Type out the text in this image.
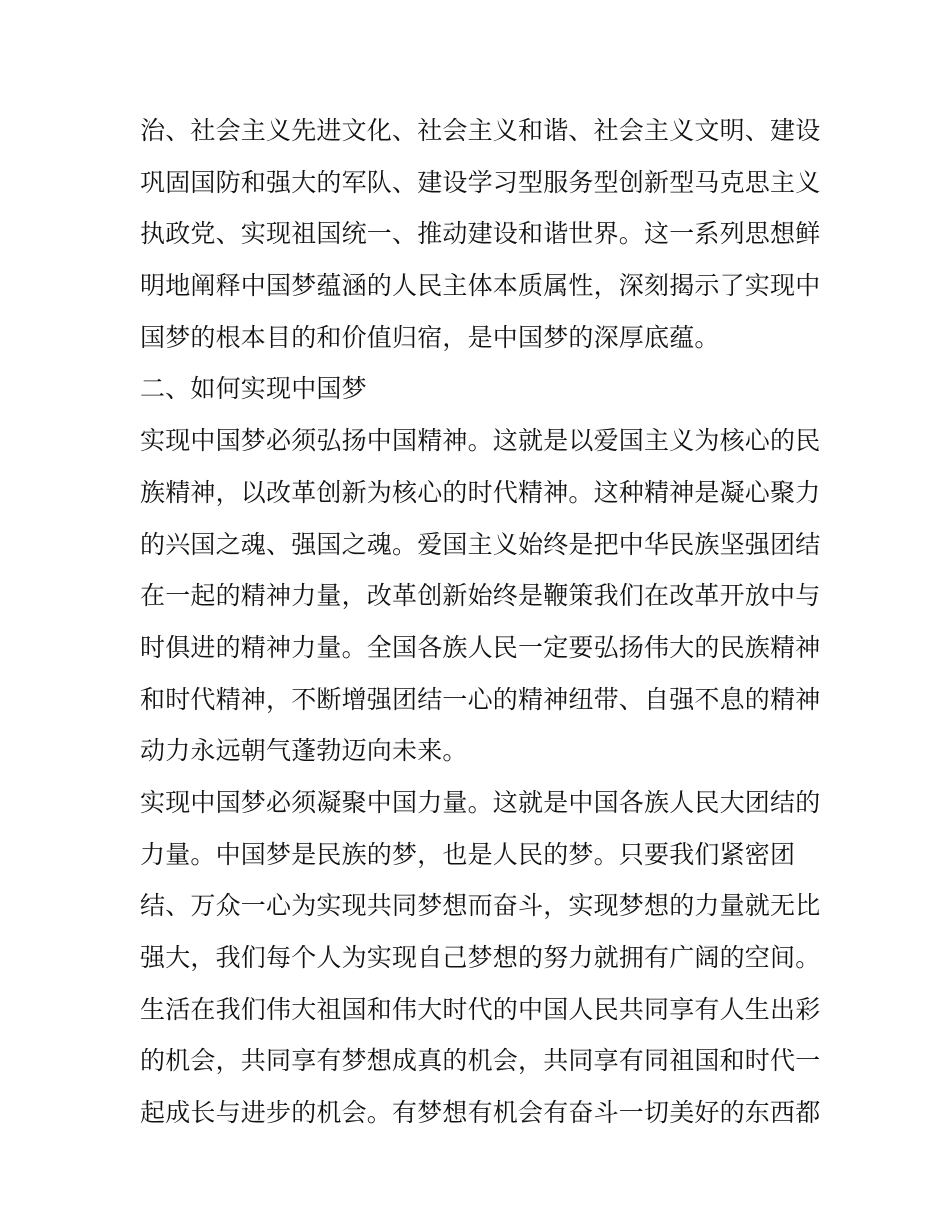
治、社会主义先进文化、社会主义和谐、社会主义文明、建设
巩固国防和强大的军队、建设学习型服务型创新型马克思主义
执政党、实现祖国统一、推动建设和谐世界。这一系列思想鲜
明地阐释中国梦蕴涵的人民主体本质属性，深刻揭示了实现中
国梦的根本目的和价值归宿，是中国梦的深厚底蕴。
二、如何实现中国梦
实现中国梦必须弘扬中国精神。这就是以爱国主义为核心的民
族精神，以改革创新为核心的时代精神。这种精神是凝心聚力
的兴国之魂、强国之魂。爱国主义始终是把中华民族坚强团结
在一起的精神力量，改革创新始终是鞭策我们在改革开放中与
时俱进的精神力量。全国各族人民一定要弘扬伟大的民族精神
和时代精神，不断增强团结一心的精神纽带、自强不息的精神
动力永远朝气蓬勃迈向未来。
实现中国梦必须凝聚中国力量。这就是中国各族人民大团结的
力量。中国梦是民族的梦，也是人民的梦。只要我们紧密团
结、万众一心为实现共同梦想而奋斗，实现梦想的力量就无比
强大，我们每个人为实现自己梦想的努力就拥有广阔的空间。
生活在我们伟大祖国和伟大时代的中国人民共同享有人生出彩
的机会，共同享有梦想成真的机会，共同享有同祖国和时代一
起成长与进步的机会。有梦想有机会有奋斗一切美好的东西都
